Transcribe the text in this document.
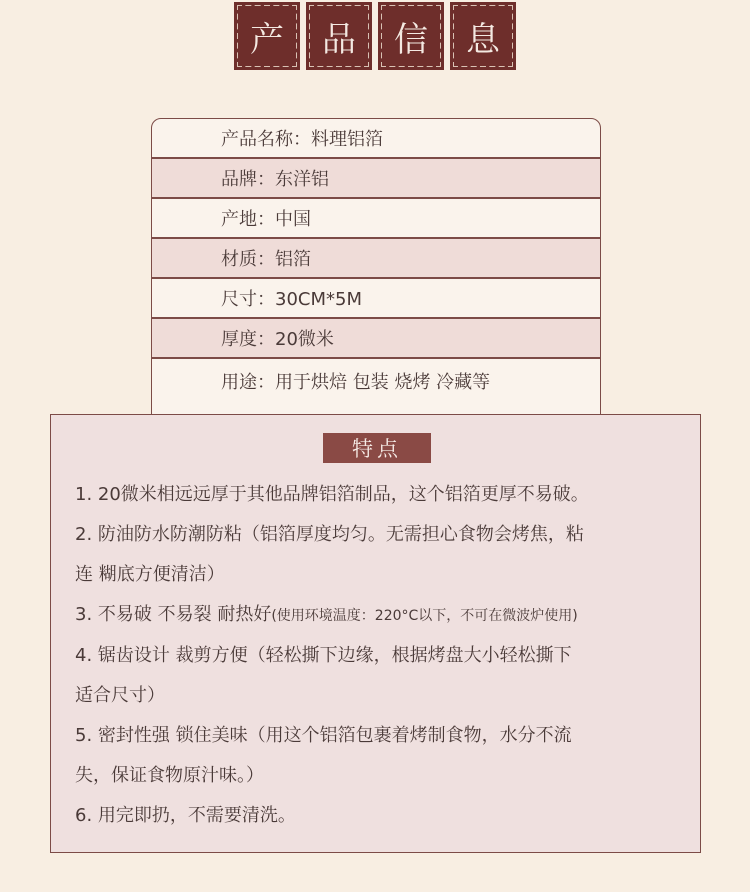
产	品	信	息
产品名称：料理铝箔
品牌：东洋铝
产地：中国
材质：铝箔
尺寸：30CM*5M
厚度：20微米
用途：用于烘焙 包装 烧烤 冷藏等
特点

1. 20微米相远远厚于其他品牌铝箔制品，这个铝箔更厚不易破。

2. 防油防水防潮防粘（铝箔厚度均匀。无需担心食物会烤焦，粘

连 糊底方便清洁）

3. 不易破 不易裂 耐热好(使用环境温度：220°C以下，不可在微波炉使用)

4. 锯齿设计 裁剪方便（轻松撕下边缘，根据烤盘大小轻松撕下

适合尺寸）

5. 密封性强 锁住美味（用这个铝箔包裹着烤制食物，水分不流

失，保证食物原汁味。）

6. 用完即扔，不需要清洗。
